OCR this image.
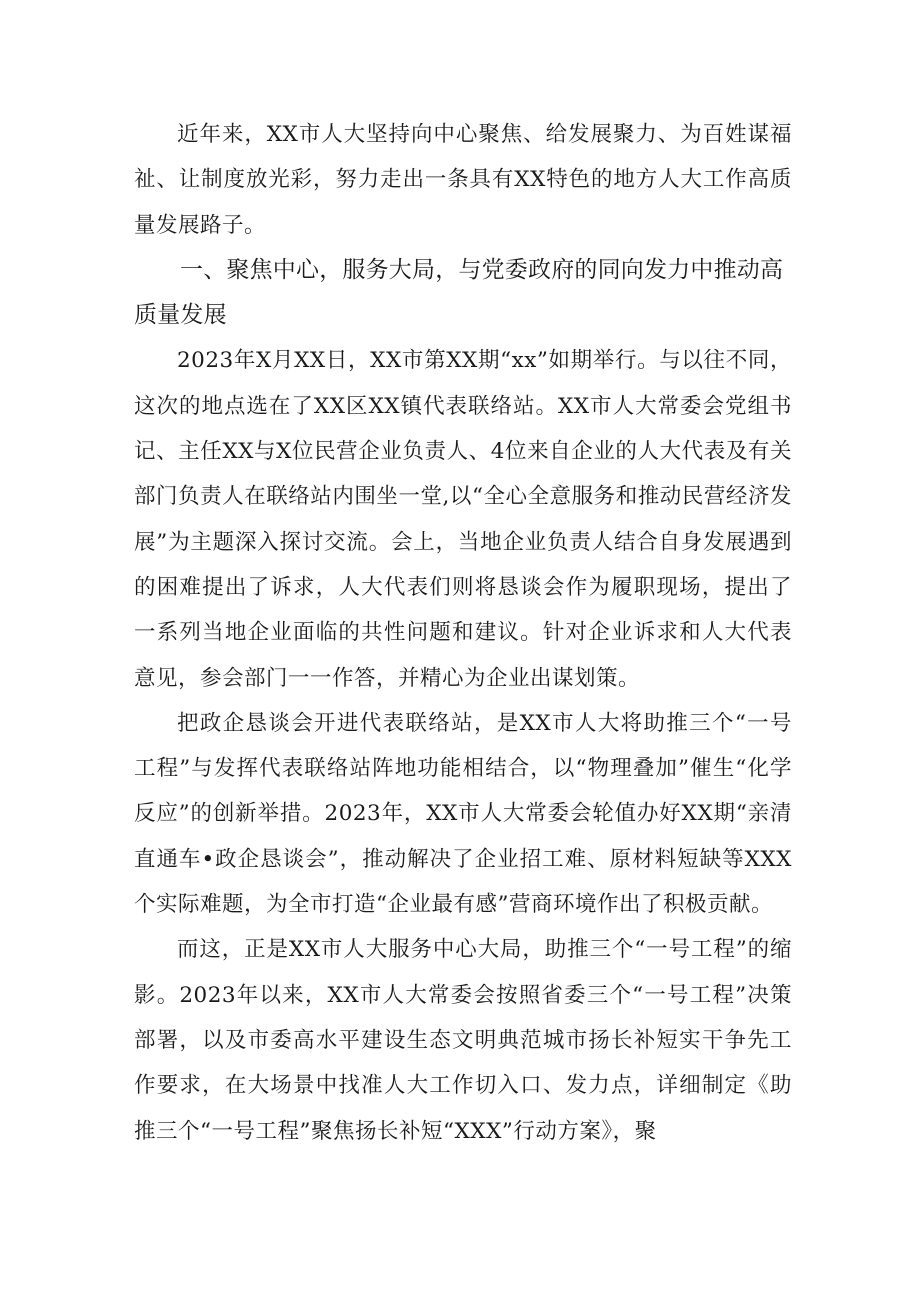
近年来，XX市人大坚持向中心聚焦、给发展聚力、为百姓谋福祉、让制度放光彩，努力走出一条具有XX特色的地方人大工作高质量发展路子。

一、聚焦中心，服务大局，与党委政府的同向发力中推动高质量发展

2023年X月XX日，XX市第XX期“xx”如期举行。与以往不同，这次的地点选在了XX区XX镇代表联络站。XX市人大常委会党组书记、主任XX与X位民营企业负责人、4位来自企业的人大代表及有关部门负责人在联络站内围坐一堂,以“全心全意服务和推动民营经济发展”为主题深入探讨交流。会上，当地企业负责人结合自身发展遇到的困难提出了诉求，人大代表们则将恳谈会作为履职现场，提出了一系列当地企业面临的共性问题和建议。针对企业诉求和人大代表意见，参会部门一一作答，并精心为企业出谋划策。

把政企恳谈会开进代表联络站，是XX市人大将助推三个“一号工程”与发挥代表联络站阵地功能相结合，以“物理叠加”催生“化学反应”的创新举措。2023年，XX市人大常委会轮值办好XX期“亲清直通车•政企恳谈会”，推动解决了企业招工难、原材料短缺等XXX个实际难题，为全市打造“企业最有感”营商环境作出了积极贡献。

而这，正是XX市人大服务中心大局，助推三个“一号工程”的缩影。2023年以来，XX市人大常委会按照省委三个“一号工程”决策部署，以及市委高水平建设生态文明典范城市扬长补短实干争先工作要求，在大场景中找准人大工作切入口、发力点，详细制定《助推三个“一号工程”聚焦扬长补短“XXX”行动方案》，聚
